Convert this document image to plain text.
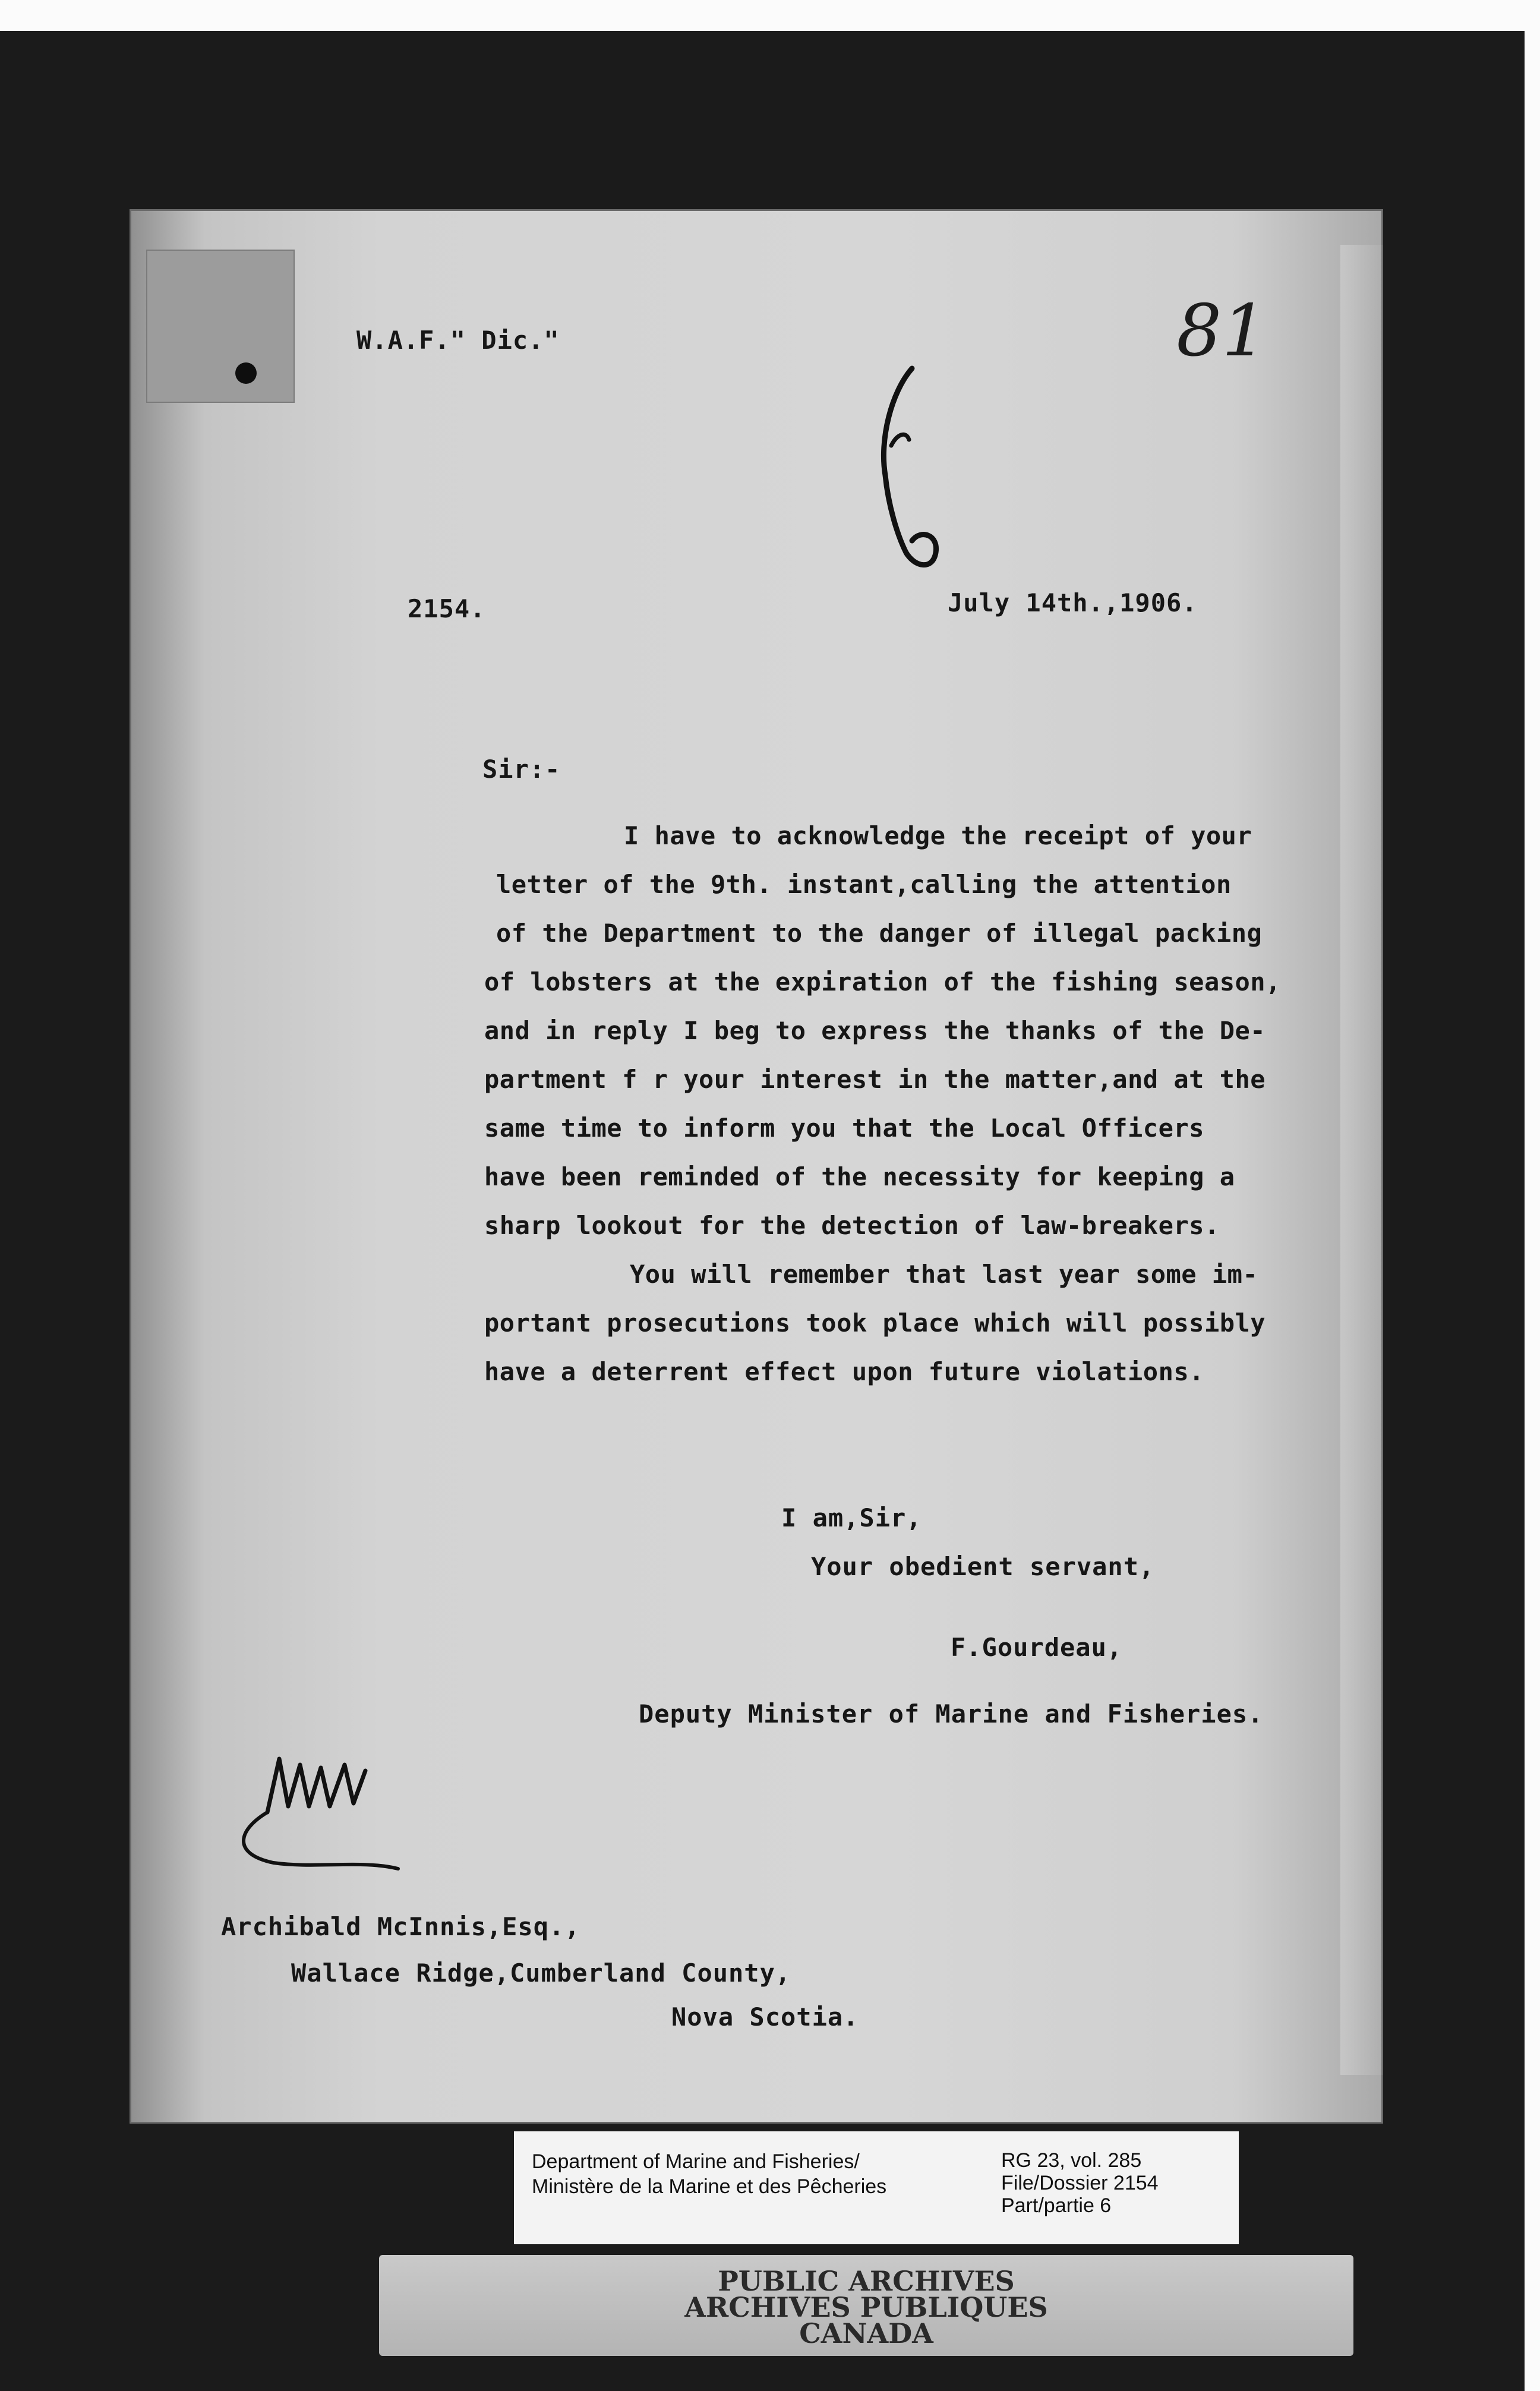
W.A.F." Dic."	81
2154.	July 14th.,1906.
Sir:-
I have to acknowledge the receipt of your
letter of the 9th. instant,calling the attention
of the Department to the danger of illegal packing
of lobsters at the expiration of the fishing season,
and in reply I beg to express the thanks of the De-
partment f r your interest in the matter,and at the
same time to inform you that the Local Officers
have been reminded of the necessity for keeping a
sharp lookout for the detection of law-breakers.
You will remember that last year some im-
portant prosecutions took place which will possibly
have a deterrent effect upon future violations.
I am,Sir,
Your obedient servant,
F.Gourdeau,
Deputy Minister of Marine and Fisheries.
Archibald McInnis,Esq.,
Wallace Ridge,Cumberland County,
Nova Scotia.
Department of Marine and Fisheries/
Ministère de la Marine et des Pêcheries
RG 23, vol. 285
File/Dossier 2154
Part/partie 6
PUBLIC ARCHIVES
ARCHIVES PUBLIQUES
CANADA
